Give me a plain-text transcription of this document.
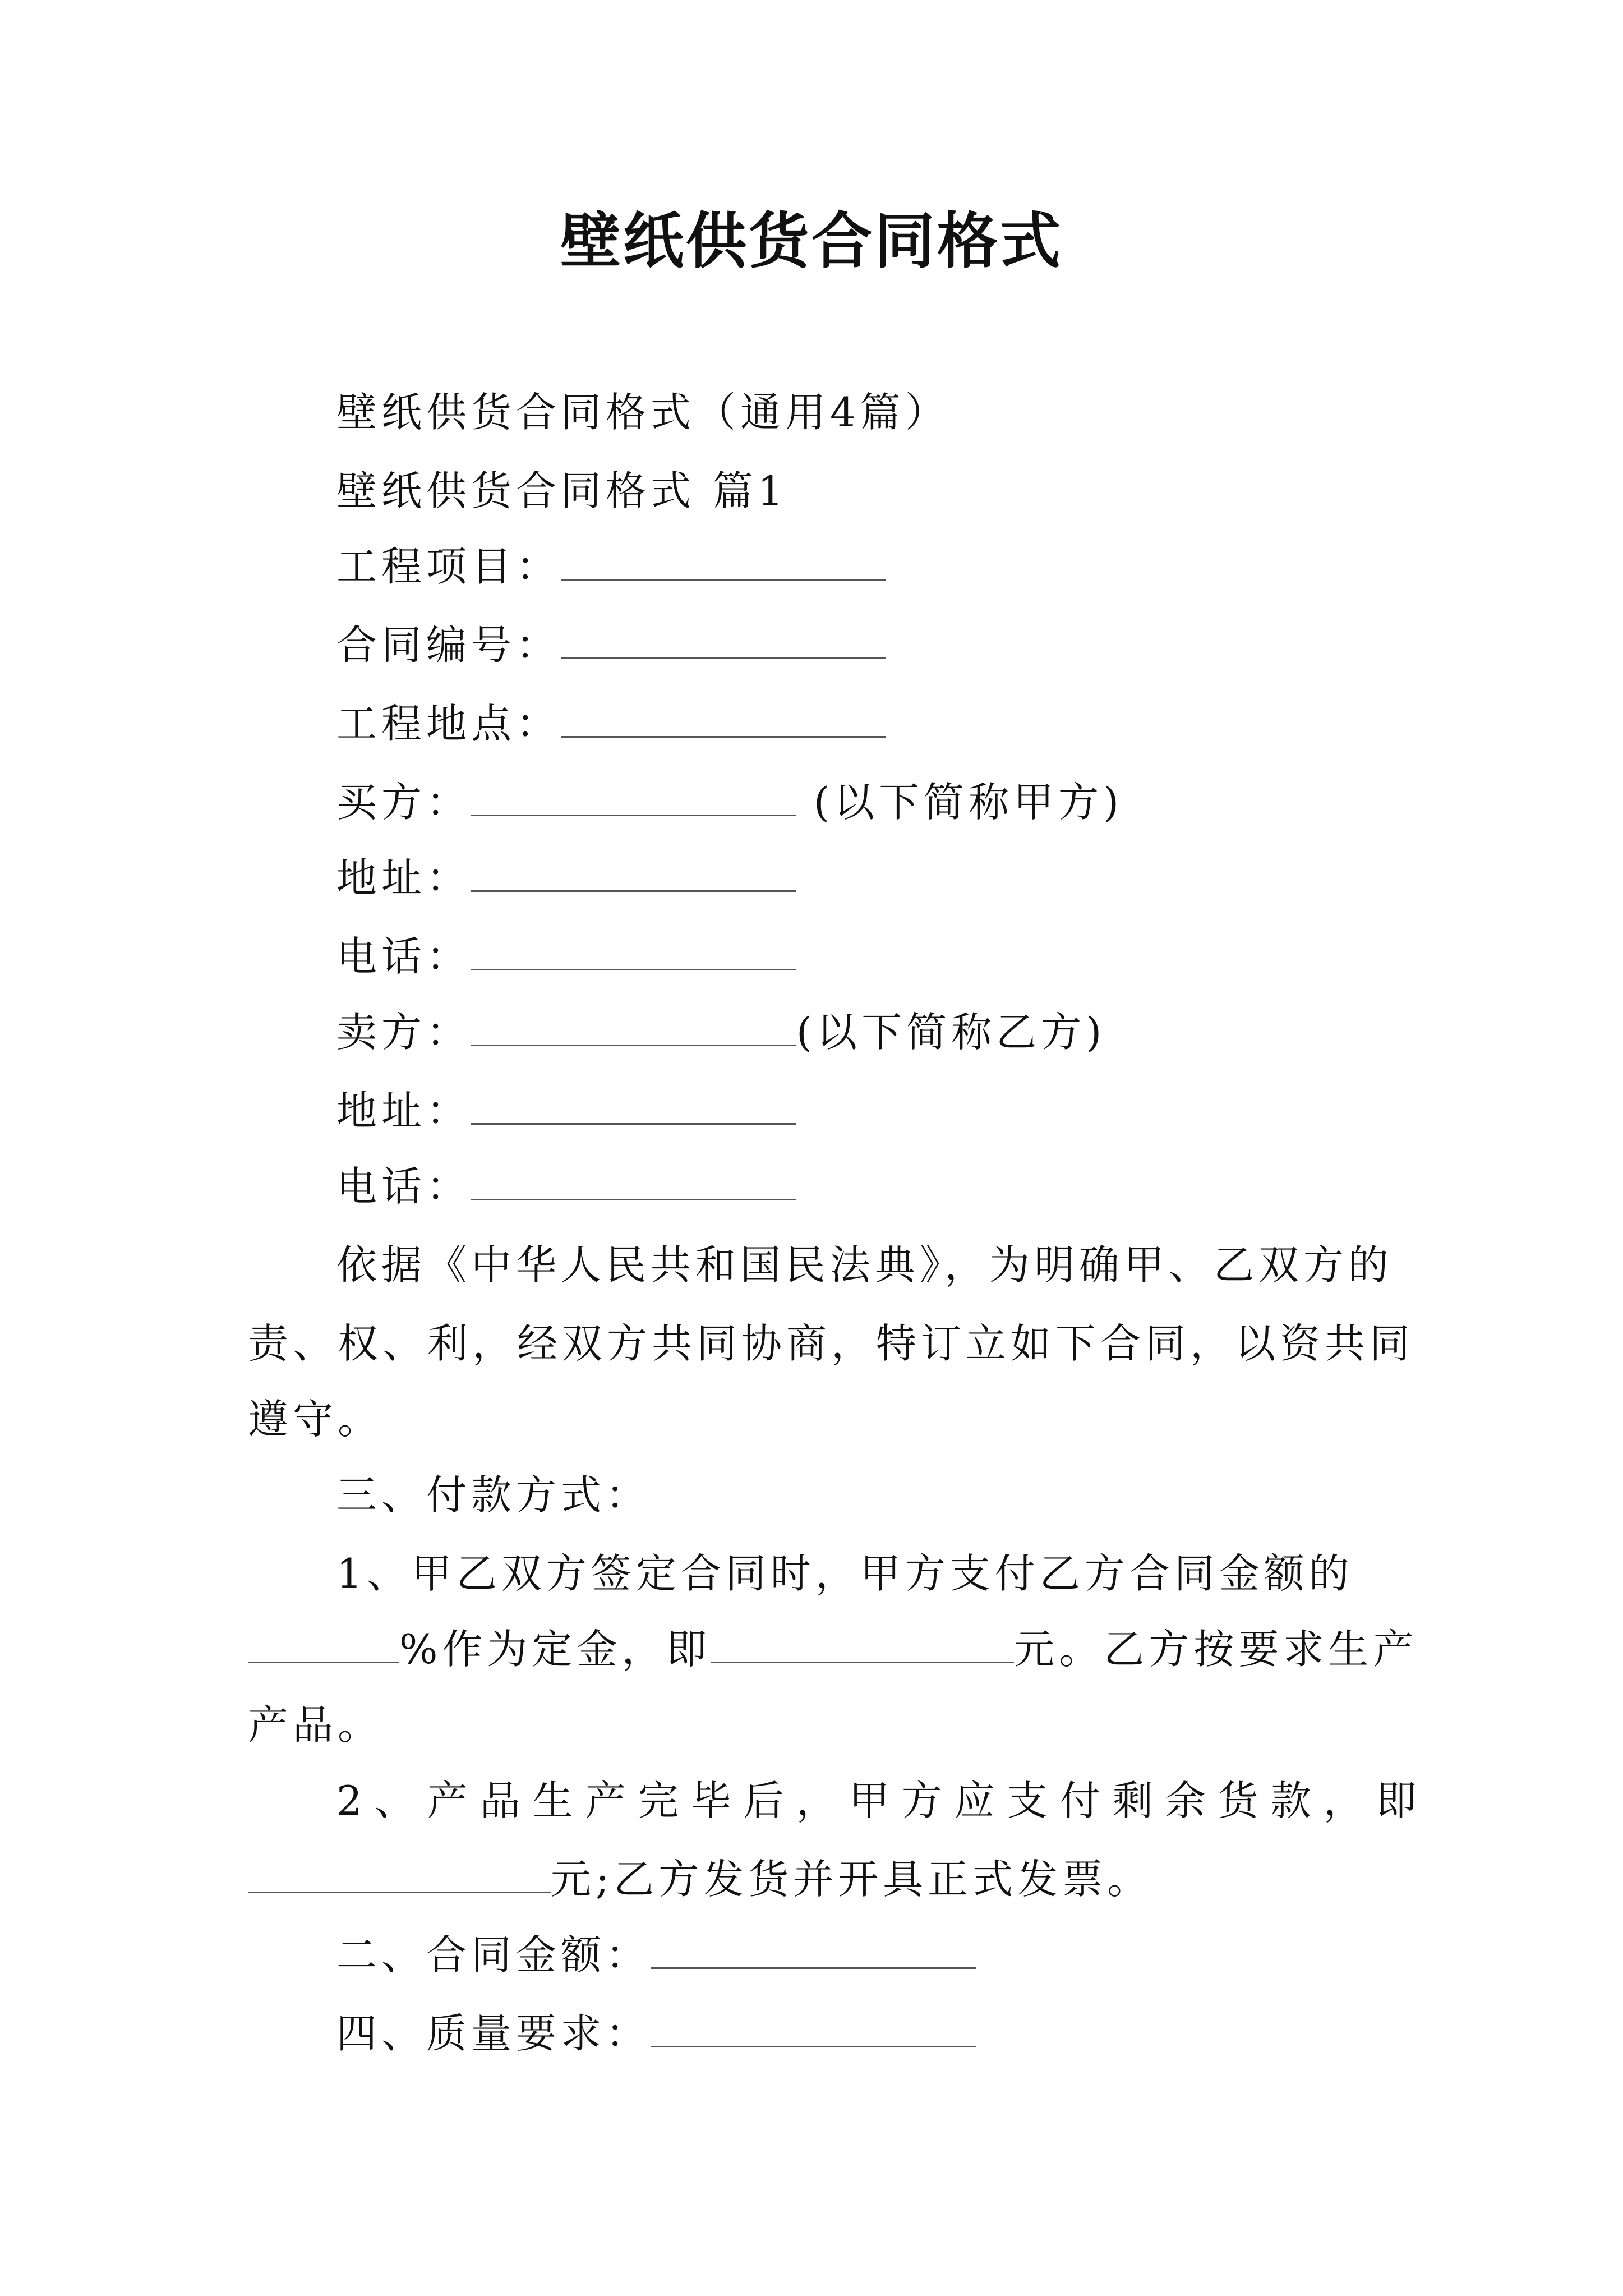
壁纸供货合同格式
壁纸供货合同格式（通用4篇）
壁纸供货合同格式 篇1
工程项目：
合同编号：
工程地点：
买方：	(以下简称甲方)
地址：
电话：
卖方：	(以下简称乙方)
地址：
电话：
依据《中华人民共和国民法典》，为明确甲、乙双方的
责、权、利，经双方共同协商，特订立如下合同，以资共同
遵守。
三、付款方式：
1、甲乙双方签定合同时，甲方支付乙方合同金额的
%作为定金，即	元。乙方按要求生产
产品。
2、产品生产完毕后，甲方应支付剩余货款，即
元;乙方发货并开具正式发票。
二、合同金额：
四、质量要求：
